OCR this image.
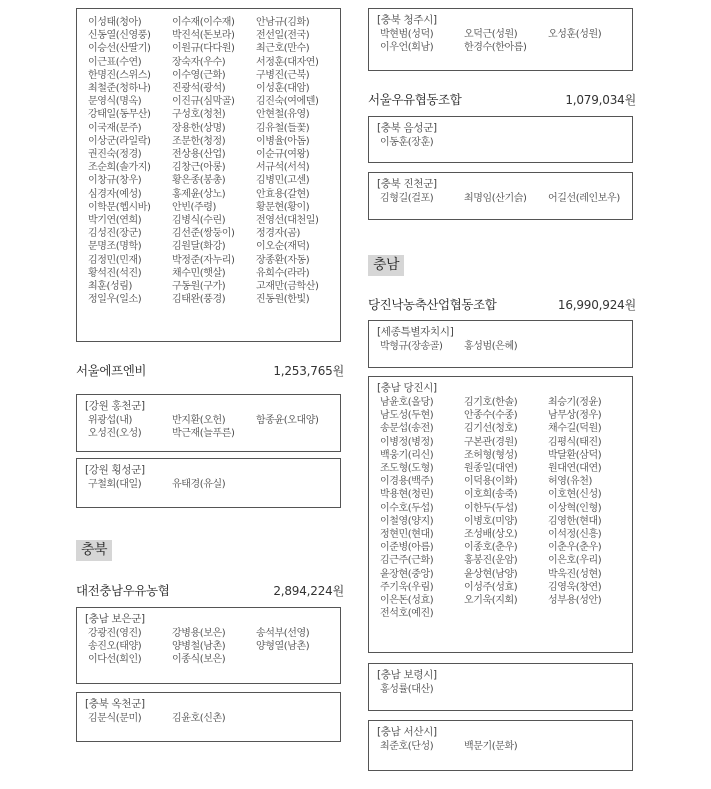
이성태(청아)	이수재(이수재)	안남규(김화)
신동열(신영풍)	박진석(돈보라)	전선일(전국)
이승선(산딸기)	이원규(다다원)	최근호(만수)
이근표(수연)	장숙자(우수)	서정훈(대자연)
한명진(스위스)	이수영(근화)	구병진(근북)
최철준(청하나)	진광석(광석)	이성훈(대암)
문영식(명옥)	이진규(심막골)	김진숙(여에덴)
강태일(동무산)	구성호(청천)	안현철(유영)
이국재(문주)	장용한(상명)	김유철(들꽃)
이상군(라일락)	조문한(청정)	이병율(아돔)
권진숙(정경)	전상용(산업)	이순규(여왕)
조순희(솔가지)	김창근(아롱)	서규석(서석)
이창규(창우)	황은종(봉총)	김병민(고센)
심경자(예성)	홍제윤(상노)	안효용(갈현)
이학문(헵시바)	안빈(주령)	황문현(황이)
박기연(연희)	김병식(수린)	전영선(대천일)
김성진(장군)	김선준(쌍둥이)	정경자(곰)
문명조(명학)	김원달(화강)	이오순(재덕)
김정민(민재)	박정준(자누리)	장종환(자동)
황석진(석진)	채수민(햇살)	유희수(라라)
최훈(성림)	구동원(구가)	고재만(금학산)
정일우(일소)	김태완(풍경)	진동원(한빛)
서울에프엔비	1,253,765원
[강원 홍천군]
위광섭(내)	반지환(오헌)	함종윤(오대양)
오성진(오성)	박근재(늘푸른)
[강원 횡성군]
구철회(대일)	유태경(유실)
충북
대전충남우유농협	2,894,224원
[충남 보은군]
강광진(영진)	강병용(보은)	송석부(선영)
송진오(태양)	양병철(남촌)	양형열(남촌)
이다선(회인)	이종식(보은)
[충북 옥천군]
김문식(문미)	김윤호(신촌)
[충북 청주시]
박현범(성덕)	오덕근(성원)	오성훈(성원)
이우언(회남)	한경수(한아름)
서울우유협동조합	1,079,034원
[충북 음성군]
이동훈(장훈)
[충북 진천군]
김형길(걸포)	최명임(산기슭)	어길선(레인보우)
충남
당진낙농축산업협동조합	16,990,924원
[세종특별자치시]
박형규(장송골)	홍성범(은혜)
[충남 당진시]
남윤호(올당)	김기호(한솔)	최승기(정윤)
남도성(두현)	안종수(수종)	남무상(정우)
송문섭(송전)	김기선(청호)	채수길(덕원)
이병정(병정)	구본관(경원)	김평식(태진)
백웅기(리신)	조허형(형성)	박달환(삼덕)
조도형(도형)	원종일(대연)	원대연(대연)
이경용(백주)	이덕용(이화)	허영(유천)
박용현(청린)	이호희(송죽)	이호현(신성)
이수호(두섭)	이한두(두섭)	이상혁(인형)
이철영(양지)	이병호(미양)	김영한(현대)
정현민(현대)	조성배(상오)	이석정(신흥)
이준병(아름)	이종호(춘우)	이춘우(춘우)
김근주(근화)	홍봉진(운암)	이은호(우리)
윤장현(중앙)	윤상현(남양)	박욱진(성현)
주기욱(우림)	이성주(성효)	김영욱(창연)
이은돈(성효)	오기욱(지회)	성부용(성안)
전석호(예진)
[충남 보령시]
홍성률(대산)
[충남 서산시]
최준호(단성)	백문기(문화)
